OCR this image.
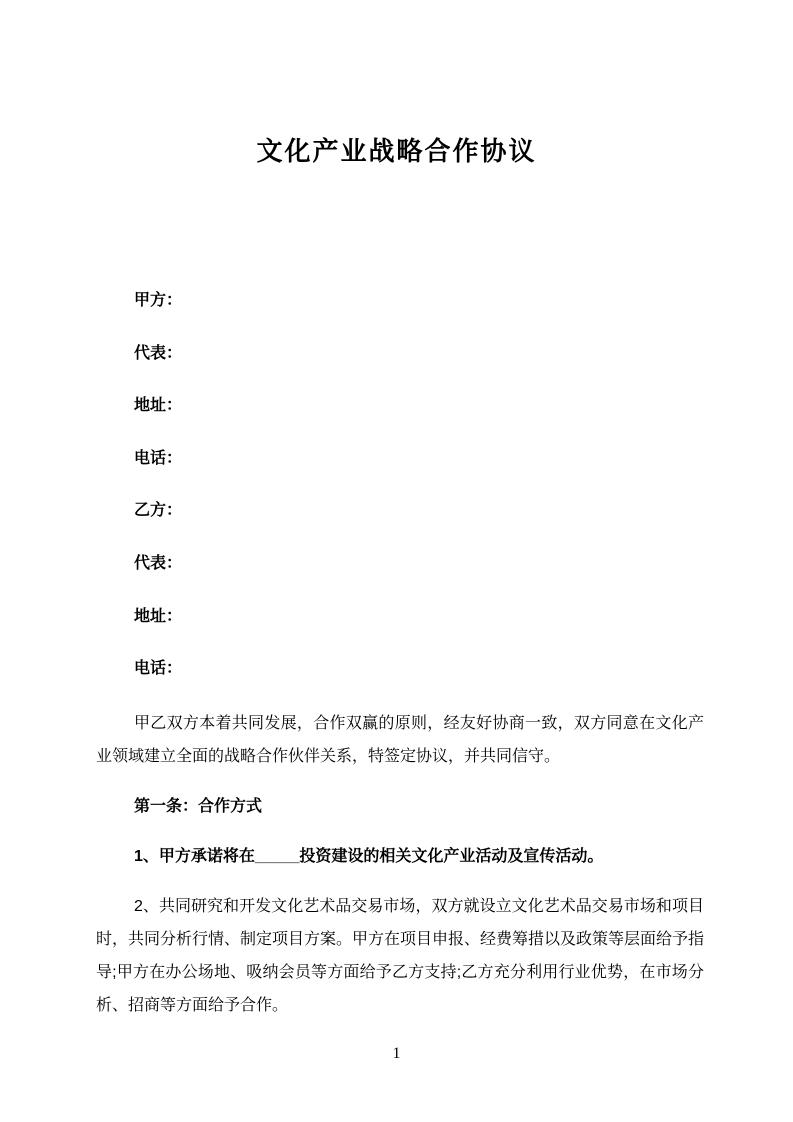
文化产业战略合作协议
甲方：
代表：
地址：
电话：
乙方：
代表：
地址：
电话：

甲乙双方本着共同发展，合作双赢的原则，经友好协商一致，双方同意在文化产业领域建立全面的战略合作伙伴关系，特签定协议，并共同信守。

第一条：合作方式

1、甲方承诺将在_____投资建设的相关文化产业活动及宣传活动。

2、共同研究和开发文化艺术品交易市场，双方就设立文化艺术品交易市场和项目时，共同分析行情、制定项目方案。甲方在项目申报、经费筹措以及政策等层面给予指导;甲方在办公场地、吸纳会员等方面给予乙方支持;乙方充分利用行业优势，在市场分析、招商等方面给予合作。

1
